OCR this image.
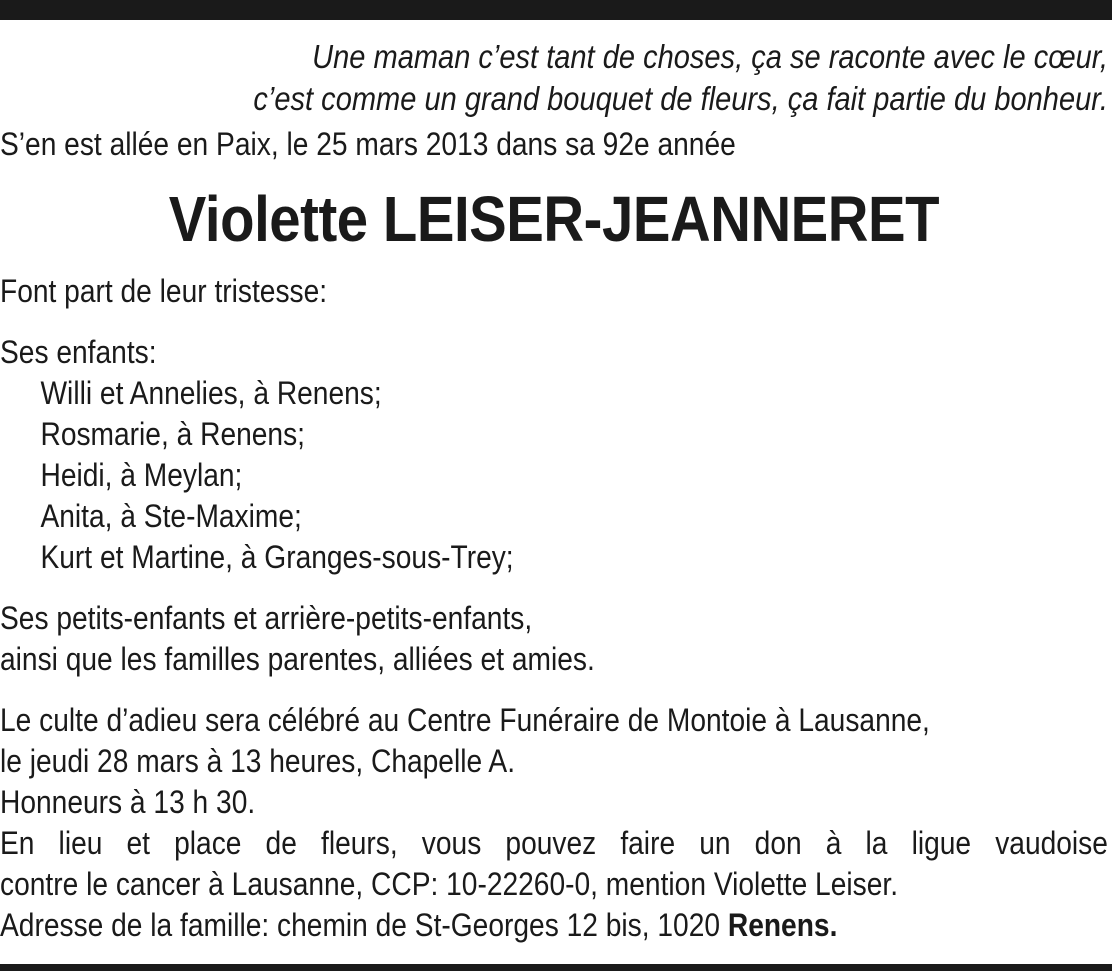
Une maman c’est tant de choses, ça se raconte avec le cœur,

c’est comme un grand bouquet de fleurs, ça fait partie du bonheur.

S’en est allée en Paix, le 25 mars 2013 dans sa 92e année

Violette LEISER-JEANNERET

Font part de leur tristesse:

Ses enfants:

Willi et Annelies, à Renens;

Rosmarie, à Renens;

Heidi, à Meylan;

Anita, à Ste-Maxime;

Kurt et Martine, à Granges-sous-Trey;

Ses petits-enfants et arrière-petits-enfants,

ainsi que les familles parentes, alliées et amies.

Le culte d’adieu sera célébré au Centre Funéraire de Montoie à Lausanne,

le jeudi 28 mars à 13 heures, Chapelle A.

Honneurs à 13 h 30.

En lieu et place de fleurs, vous pouvez faire un don à la ligue vaudoise

contre le cancer à Lausanne, CCP: 10-22260-0, mention Violette Leiser.

Adresse de la famille: chemin de St-Georges 12 bis, 1020 Renens.
